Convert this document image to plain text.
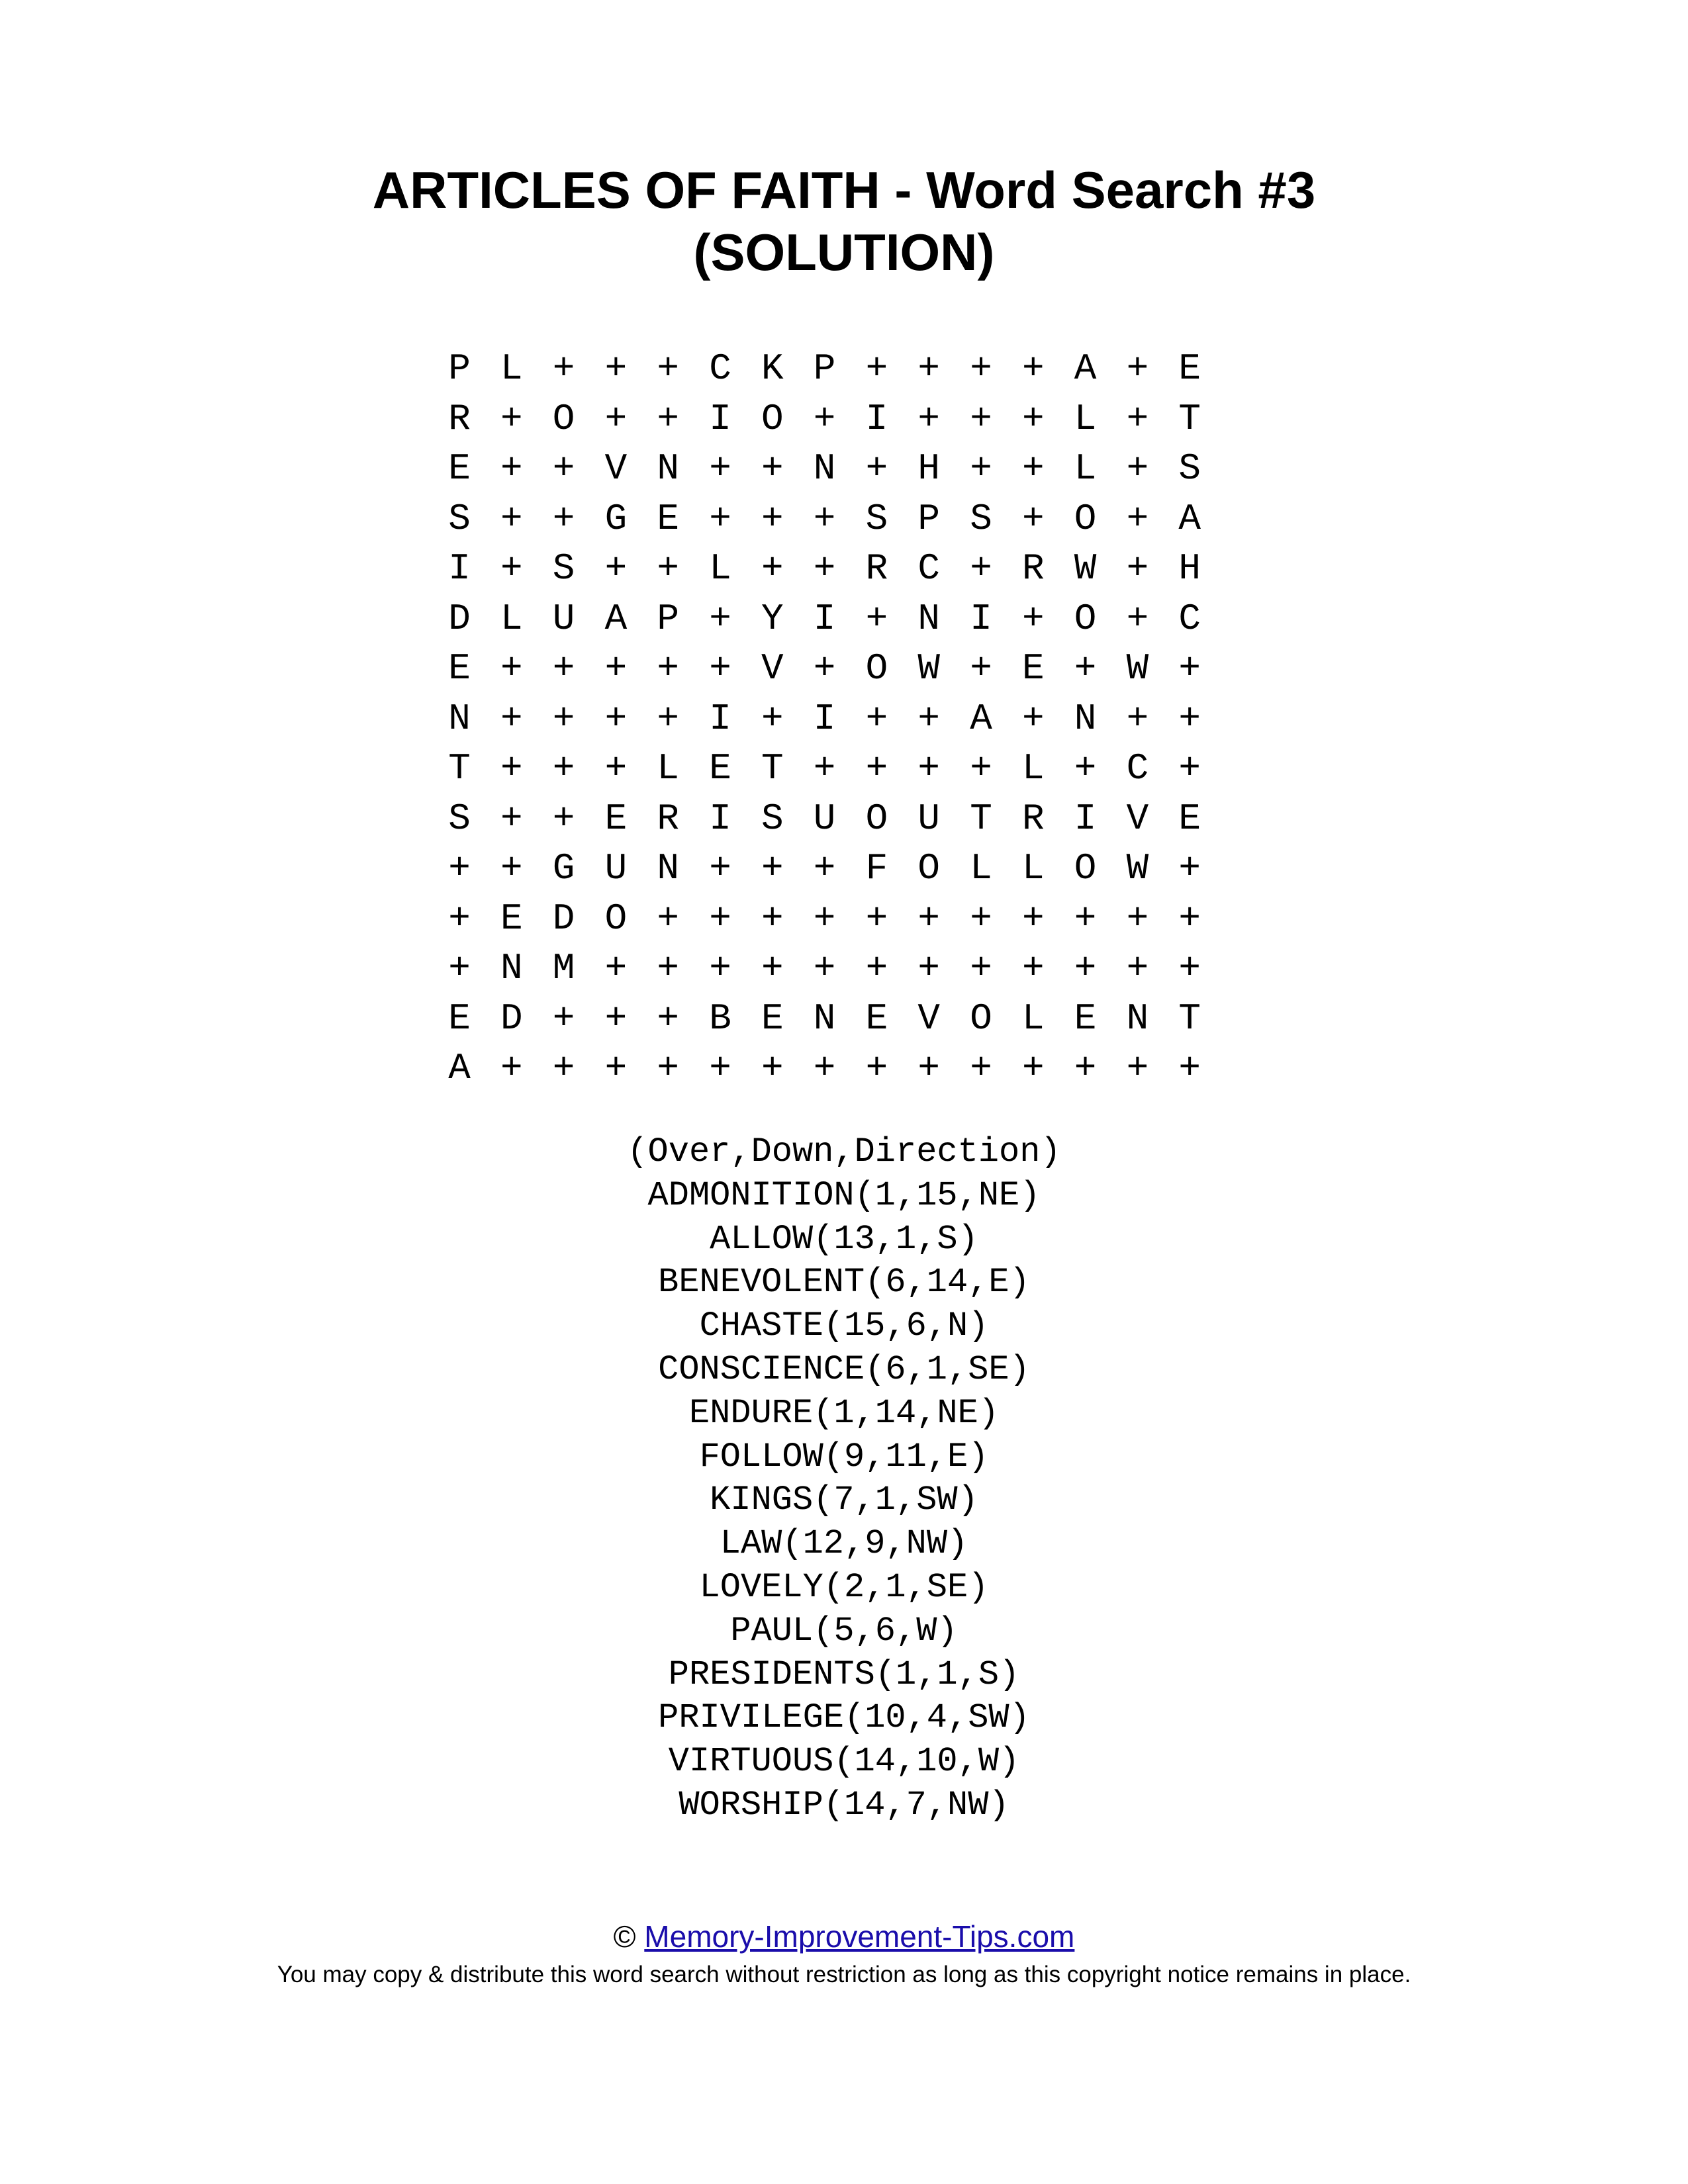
ARTICLES OF FAITH - Word Search #3
(SOLUTION)
P L + + + C K P + + + + A + E
R + O + + I O + I + + + L + T
E + + V N + + N + H + + L + S
S + + G E + + + S P S + O + A
I + S + + L + + R C + R W + H
D L U A P + Y I + N I + O + C
E + + + + + V + O W + E + W +
N + + + + I + I + + A + N + +
T + + + L E T + + + + L + C +
S + + E R I S U O U T R I V E
+ + G U N + + + F O L L O W +
+ E D O + + + + + + + + + + +
+ N M + + + + + + + + + + + +
E D + + + B E N E V O L E N T
A + + + + + + + + + + + + + +
(Over,Down,Direction)
ADMONITION(1,15,NE)
ALLOW(13,1,S)
BENEVOLENT(6,14,E)
CHASTE(15,6,N)
CONSCIENCE(6,1,SE)
ENDURE(1,14,NE)
FOLLOW(9,11,E)
KINGS(7,1,SW)
LAW(12,9,NW)
LOVELY(2,1,SE)
PAUL(5,6,W)
PRESIDENTS(1,1,S)
PRIVILEGE(10,4,SW)
VIRTUOUS(14,10,W)
WORSHIP(14,7,NW)
© Memory-Improvement-Tips.com
You may copy & distribute this word search without restriction as long as this copyright notice remains in place.
